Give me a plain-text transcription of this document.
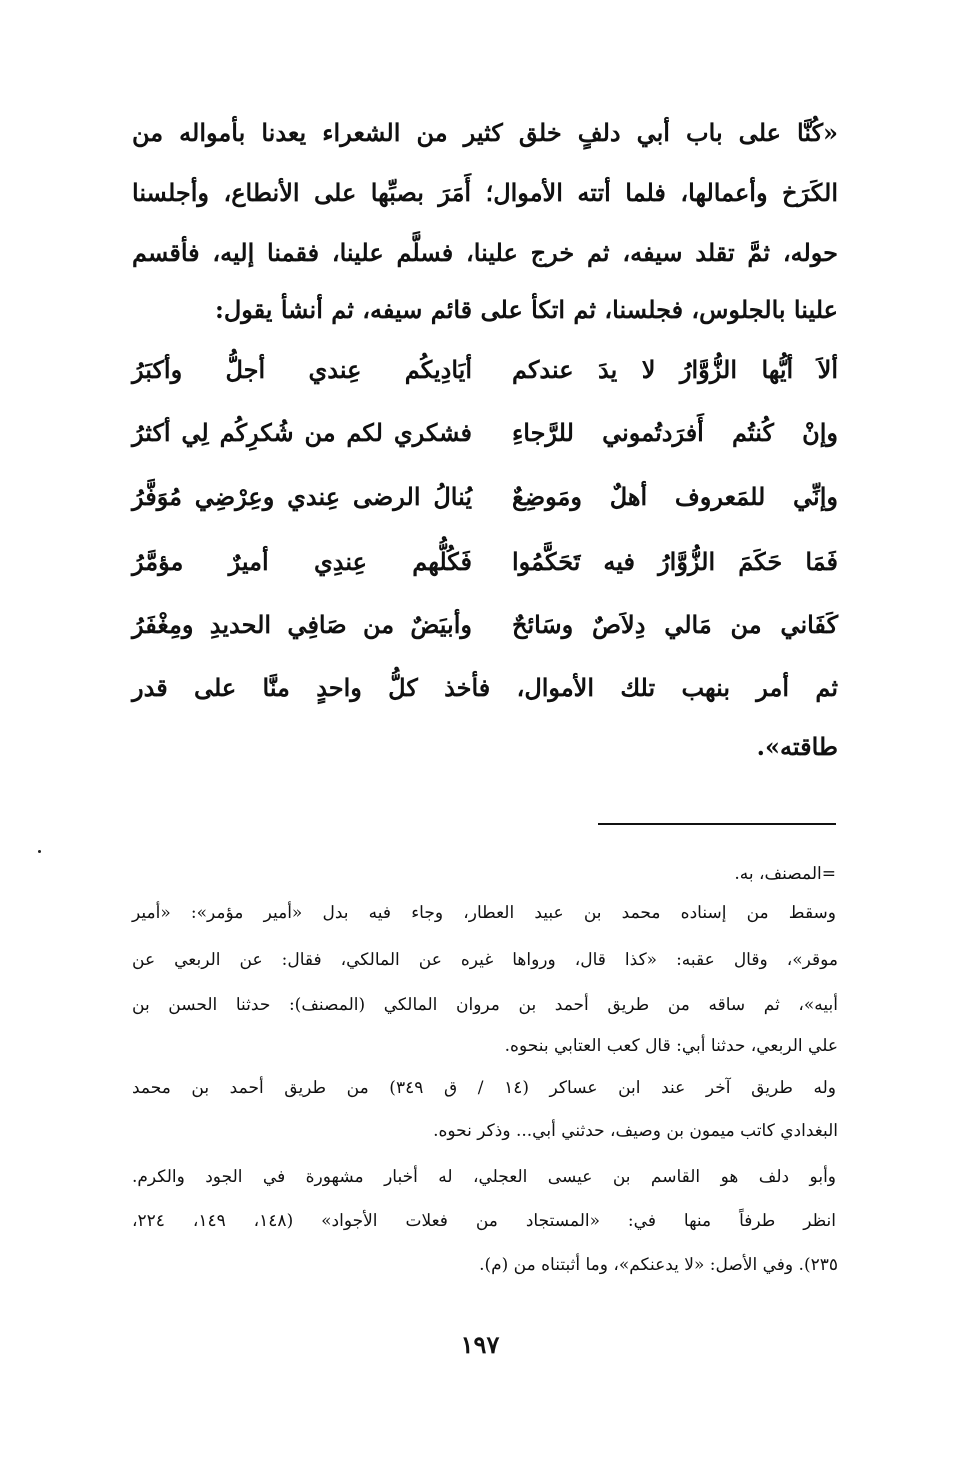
«كُنَّا على باب أبي دلفٍ خلق كثير من الشعراء يعدنا بأمواله من
الكَرَخ وأعمالها، فلما أتته الأموال؛ أَمَرَ بصبِّها على الأنطاع، وأجلسنا
حوله، ثمَّ تقلد سيفه، ثم خرج علينا، فسلَّم علينا، فقمنا إليه، فأقسم
علينا بالجلوس، فجلسنا، ثم اتكأ على قائم سيفه، ثم أنشأ يقول:
ألاَ أيُّها الزُّوَّارُ لا يدَ عندكم
أيَادِيكُم عِندي أجلُّ وأكبَرُ
وإنْ كُنتُم أَفرَدتُموني للرَّجاءِ
فشكري لكم من شُكرِكُم لِي أكثرُ
وإنِّي للمَعروف أهلٌ ومَوضِعٌ
يُنالُ الرضى عِندي وعِرْضِي مُوَفَّرُ
فَمَا حَكَمَ الزُّوَّارُ فيه تَحَكَّمُوا
فَكُلُّهم عِندِي أميرٌ مؤمَّرُ
كَفَاني من مَالي دِلاَصٌ وسَائحٌ
وأبيَضٌ من صَافِي الحديدِ ومِغْفَرُ
ثم أمر بنهب تلك الأموال، فأخذ كلُّ واحدٍ منَّا على قدر
طاقته».
=المصنف، به.
وسقط من إسناده محمد بن عبيد العطار، وجاء فيه بدل «أمير مؤمر»: «أمير
موقر»، وقال عقبه: «كذا قال، ورواها غيره عن المالكي، فقال: عن الربعي عن
أبيه»، ثم ساقه من طريق أحمد بن مروان المالكي (المصنف): حدثنا الحسن بن
علي الربعي، حدثنا أبي: قال كعب العتابي بنحوه.
وله طريق آخر عند ابن عساكر (١٤ / ق ٣٤٩) من طريق أحمد بن محمد
البغدادي كاتب ميمون بن وصيف، حدثني أبي... وذكر نحوه.
وأبو دلف هو القاسم بن عيسى العجلي، له أخبار مشهورة في الجود والكرم.
انظر طرفاً منها في: «المستجاد من فعلات الأجواد» (١٤٨، ١٤٩، ٢٢٤،
٢٣٥). وفي الأصل: «لا يدعنكم»، وما أثبتناه من (م).
١٩٧
